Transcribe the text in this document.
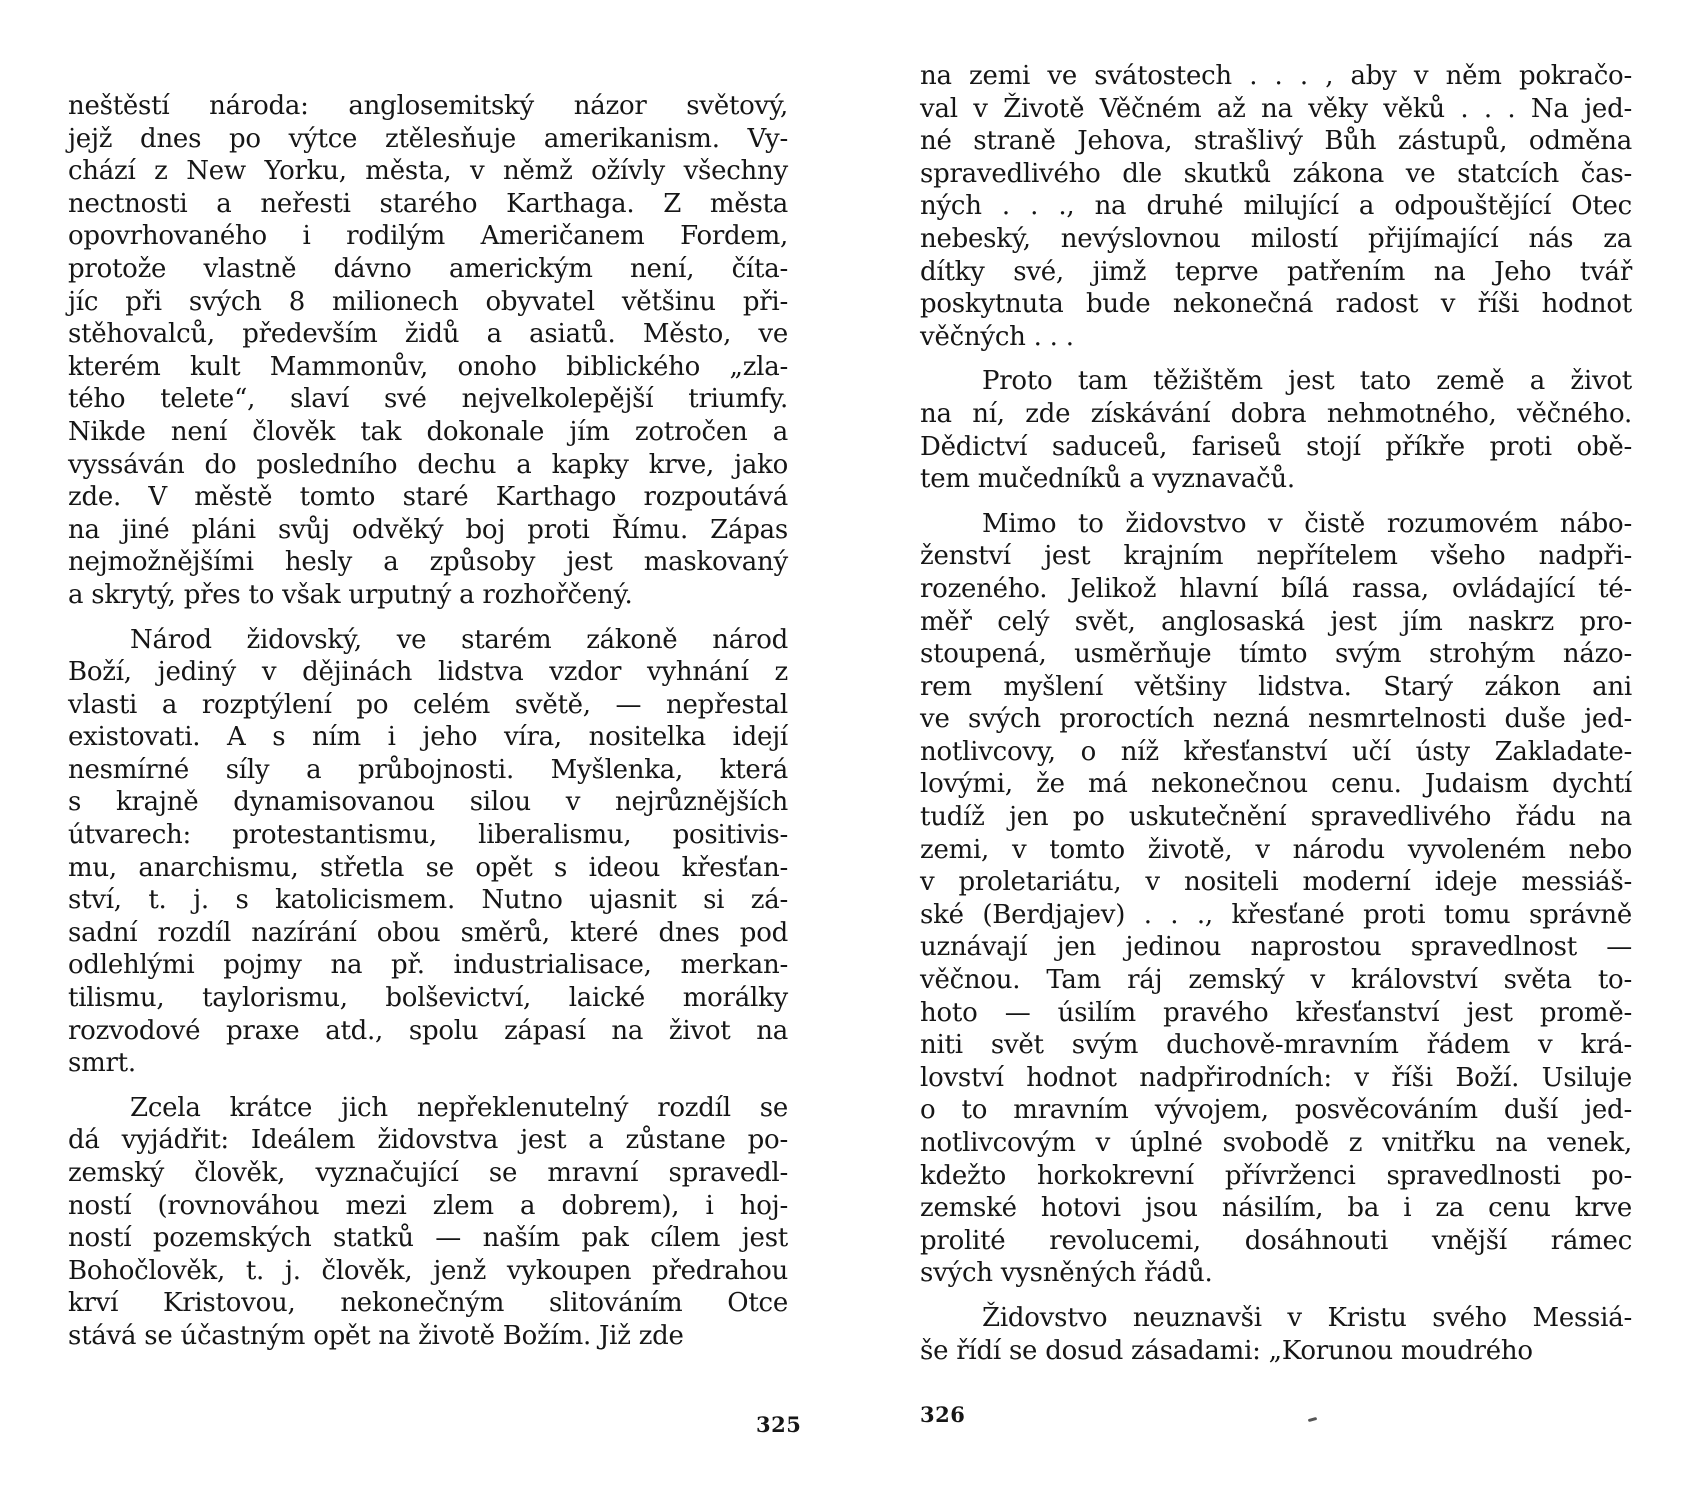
neštěstí národa: anglosemitský názor světový,
jejž dnes po výtce ztělesňuje amerikanism. Vy-
chází z New Yorku, města, v němž ožívly všechny
nectnosti a neřesti starého Karthaga. Z města
opovrhovaného i rodilým Američanem Fordem,
protože vlastně dávno americkým není, číta-
jíc při svých 8 milionech obyvatel většinu při-
stěhovalců, především židů a asiatů. Město, ve
kterém kult Mammonův, onoho biblického „zla-
tého telete“, slaví své nejvelkolepější triumfy.
Nikde není člověk tak dokonale jím zotročen a
vyssáván do posledního dechu a kapky krve, jako
zde. V městě tomto staré Karthago rozpoutává
na jiné pláni svůj odvěký boj proti Římu. Zápas
nejmožnějšími hesly a způsoby jest maskovaný
a skrytý, přes to však urputný a rozhořčený.
Národ židovský, ve starém zákoně národ
Boží, jediný v dějinách lidstva vzdor vyhnání z
vlasti a rozptýlení po celém světě, — nepřestal
existovati. A s ním i jeho víra, nositelka idejí
nesmírné síly a průbojnosti. Myšlenka, která
s krajně dynamisovanou silou v nejrůznějších
útvarech: protestantismu, liberalismu, positivis-
mu, anarchismu, střetla se opět s ideou křesťan-
ství, t. j. s katolicismem. Nutno ujasnit si zá-
sadní rozdíl nazírání obou směrů, které dnes pod
odlehlými pojmy na př. industrialisace, merkan-
tilismu, taylorismu, bolševictví, laické morálky
rozvodové praxe atd., spolu zápasí na život na
smrt.
Zcela krátce jich nepřeklenutelný rozdíl se
dá vyjádřit: Ideálem židovstva jest a zůstane po-
zemský člověk, vyznačující se mravní spravedl-
ností (rovnováhou mezi zlem a dobrem), i hoj-
ností pozemských statků — naším pak cílem jest
Bohočlověk, t. j. člověk, jenž vykoupen předrahou
krví Kristovou, nekonečným slitováním Otce
stává se účastným opět na životě Božím. Již zde
325
na zemi ve svátostech . . . , aby v něm pokračo-
val v Životě Věčném až na věky věků . . . Na jed-
né straně Jehova, strašlivý Bůh zástupů, odměna
spravedlivého dle skutků zákona ve statcích čas-
ných . . ., na druhé milující a odpouštějící Otec
nebeský, nevýslovnou milostí přijímající nás za
dítky své, jimž teprve patřením na Jeho tvář
poskytnuta bude nekonečná radost v říši hodnot
věčných . . .
Proto tam těžištěm jest tato země a život
na ní, zde získávání dobra nehmotného, věčného.
Dědictví saduceů, fariseů stojí příkře proti obě-
tem mučedníků a vyznavačů.
Mimo to židovstvo v čistě rozumovém nábo-
ženství jest krajním nepřítelem všeho nadpři-
rozeného. Jelikož hlavní bílá rassa, ovládající té-
měř celý svět, anglosaská jest jím naskrz pro-
stoupená, usměrňuje tímto svým strohým názo-
rem myšlení většiny lidstva. Starý zákon ani
ve svých proroctích nezná nesmrtelnosti duše jed-
notlivcovy, o níž křesťanství učí ústy Zakladate-
lovými, že má nekonečnou cenu. Judaism dychtí
tudíž jen po uskutečnění spravedlivého řádu na
zemi, v tomto životě, v národu vyvoleném nebo
v proletariátu, v nositeli moderní ideje messiáš-
ské (Berdjajev) . . ., křesťané proti tomu správně
uznávají jen jedinou naprostou spravedlnost —
věčnou. Tam ráj zemský v království světa to-
hoto — úsilím pravého křesťanství jest promě-
niti svět svým duchově-mravním řádem v krá-
lovství hodnot nadpřirodních: v říši Boží. Usiluje
o to mravním vývojem, posvěcováním duší jed-
notlivcovým v úplné svobodě z vnitřku na venek,
kdežto horkokrevní přívrženci spravedlnosti po-
zemské hotovi jsou násilím, ba i za cenu krve
prolité revolucemi, dosáhnouti vnější rámec
svých vysněných řádů.
Židovstvo neuznavši v Kristu svého Messiá-
še řídí se dosud zásadami: „Korunou moudrého
326
